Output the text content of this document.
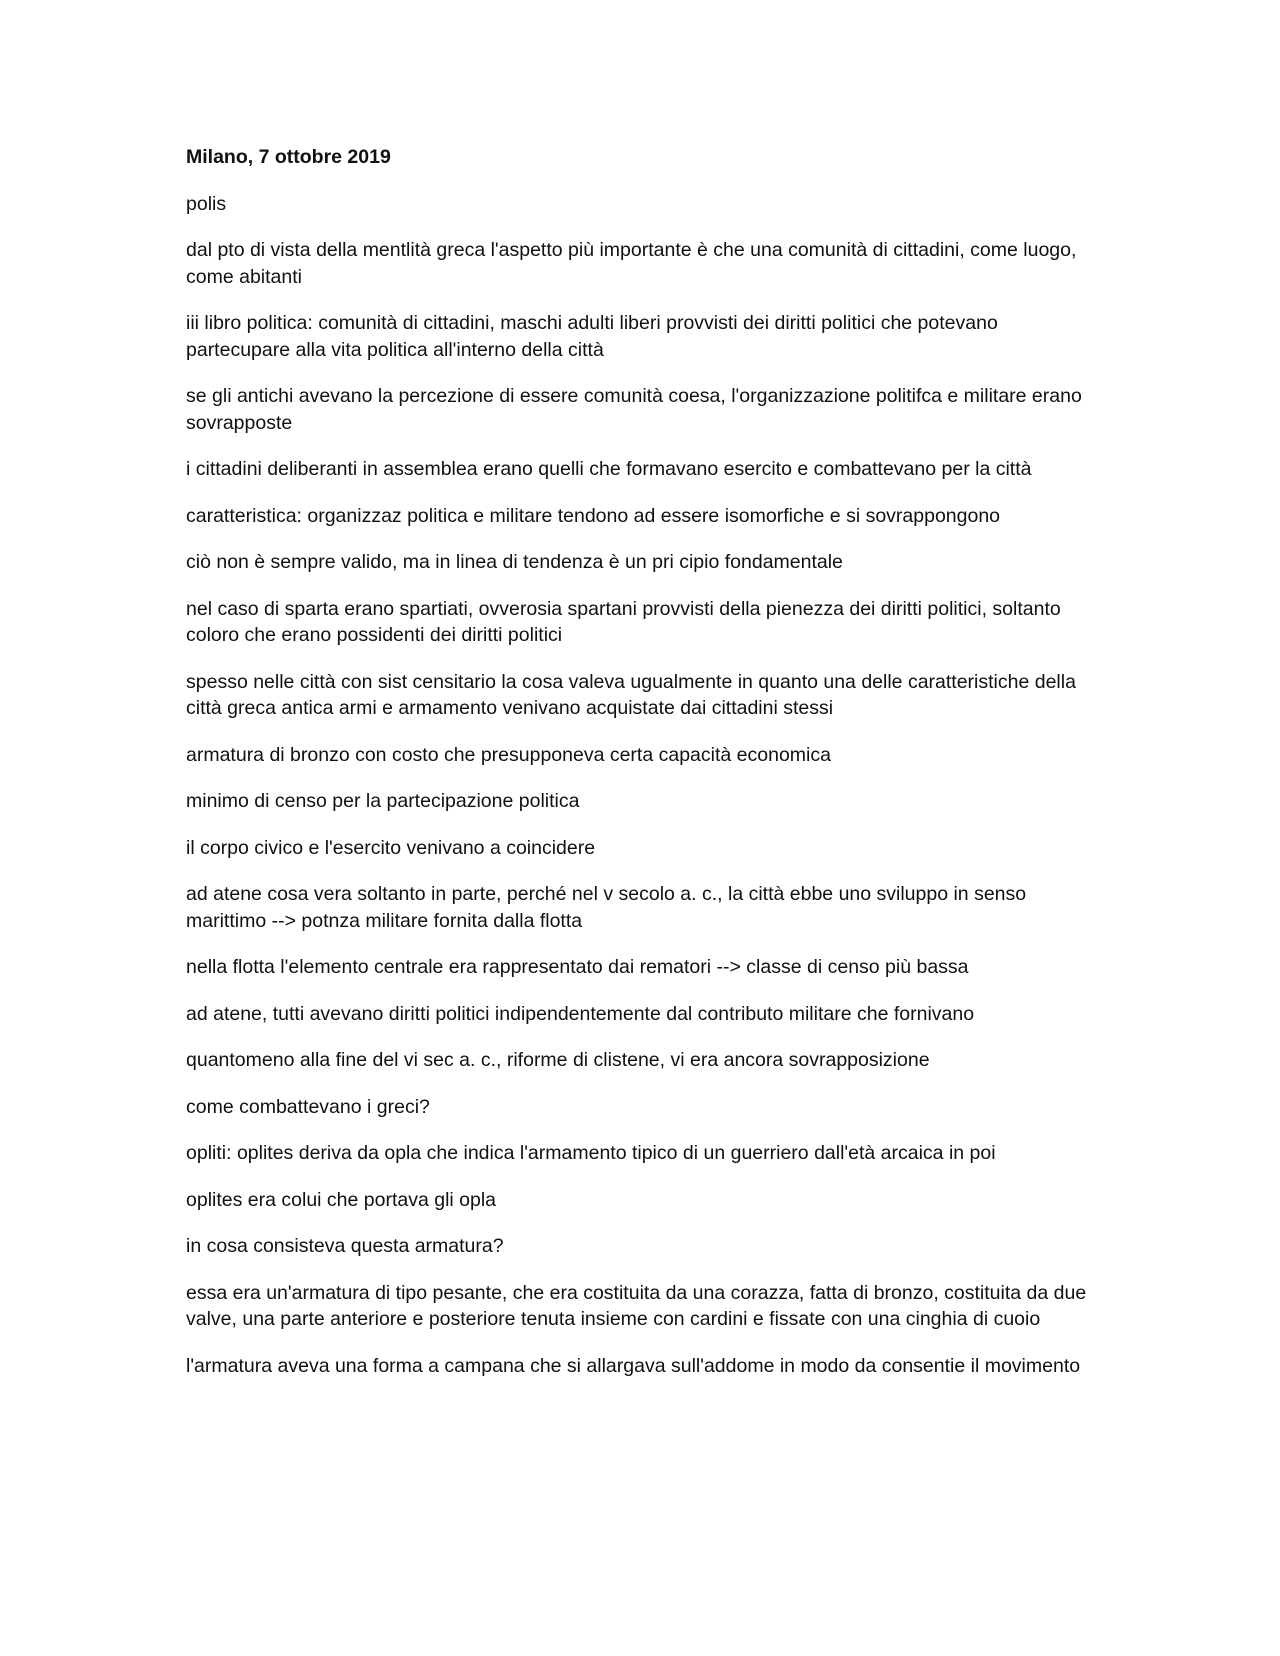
Milano, 7 ottobre 2019

polis

dal pto di vista della mentlità greca l'aspetto più importante è che una comunità di cittadini, come luogo, come abitanti

iii libro politica: comunità di cittadini, maschi adulti liberi provvisti dei diritti politici che potevano partecupare alla vita politica all'interno della città

se gli antichi avevano la percezione di essere comunità coesa, l'organizzazione politifca e militare erano sovrapposte

i cittadini deliberanti in assemblea erano quelli che formavano esercito e combattevano per la città

caratteristica: organizzaz politica e militare tendono ad essere isomorfiche e si sovrappongono

ciò non è sempre valido, ma in linea di tendenza è un pri cipio fondamentale

nel caso di sparta erano spartiati, ovverosia spartani provvisti della pienezza dei diritti politici, soltanto coloro che erano possidenti dei diritti politici

spesso nelle città con sist censitario la cosa valeva ugualmente in quanto una delle caratteristiche della città greca antica armi e armamento venivano acquistate dai cittadini stessi

armatura di bronzo con costo che presupponeva certa capacità economica

minimo di censo per la partecipazione politica

il corpo civico e l'esercito venivano a coincidere

ad atene cosa vera soltanto in parte, perché nel v secolo a. c., la città ebbe uno sviluppo in senso marittimo --> potnza militare fornita dalla flotta

nella flotta l'elemento centrale era rappresentato dai rematori --> classe di censo più bassa

ad atene, tutti avevano diritti politici indipendentemente dal contributo militare che fornivano

quantomeno alla fine del vi sec a. c., riforme di clistene, vi era ancora sovrapposizione

come combattevano i greci?

opliti: oplites deriva da opla che indica l'armamento tipico di un guerriero dall'età arcaica in poi

oplites era colui che portava gli opla

in cosa consisteva questa armatura?

essa era un'armatura di tipo pesante, che era costituita da una corazza, fatta di bronzo, costituita da due valve, una parte anteriore e posteriore tenuta insieme con cardini e fissate con una cinghia di cuoio

l'armatura aveva una forma a campana che si allargava sull'addome in modo da consentie il movimento
